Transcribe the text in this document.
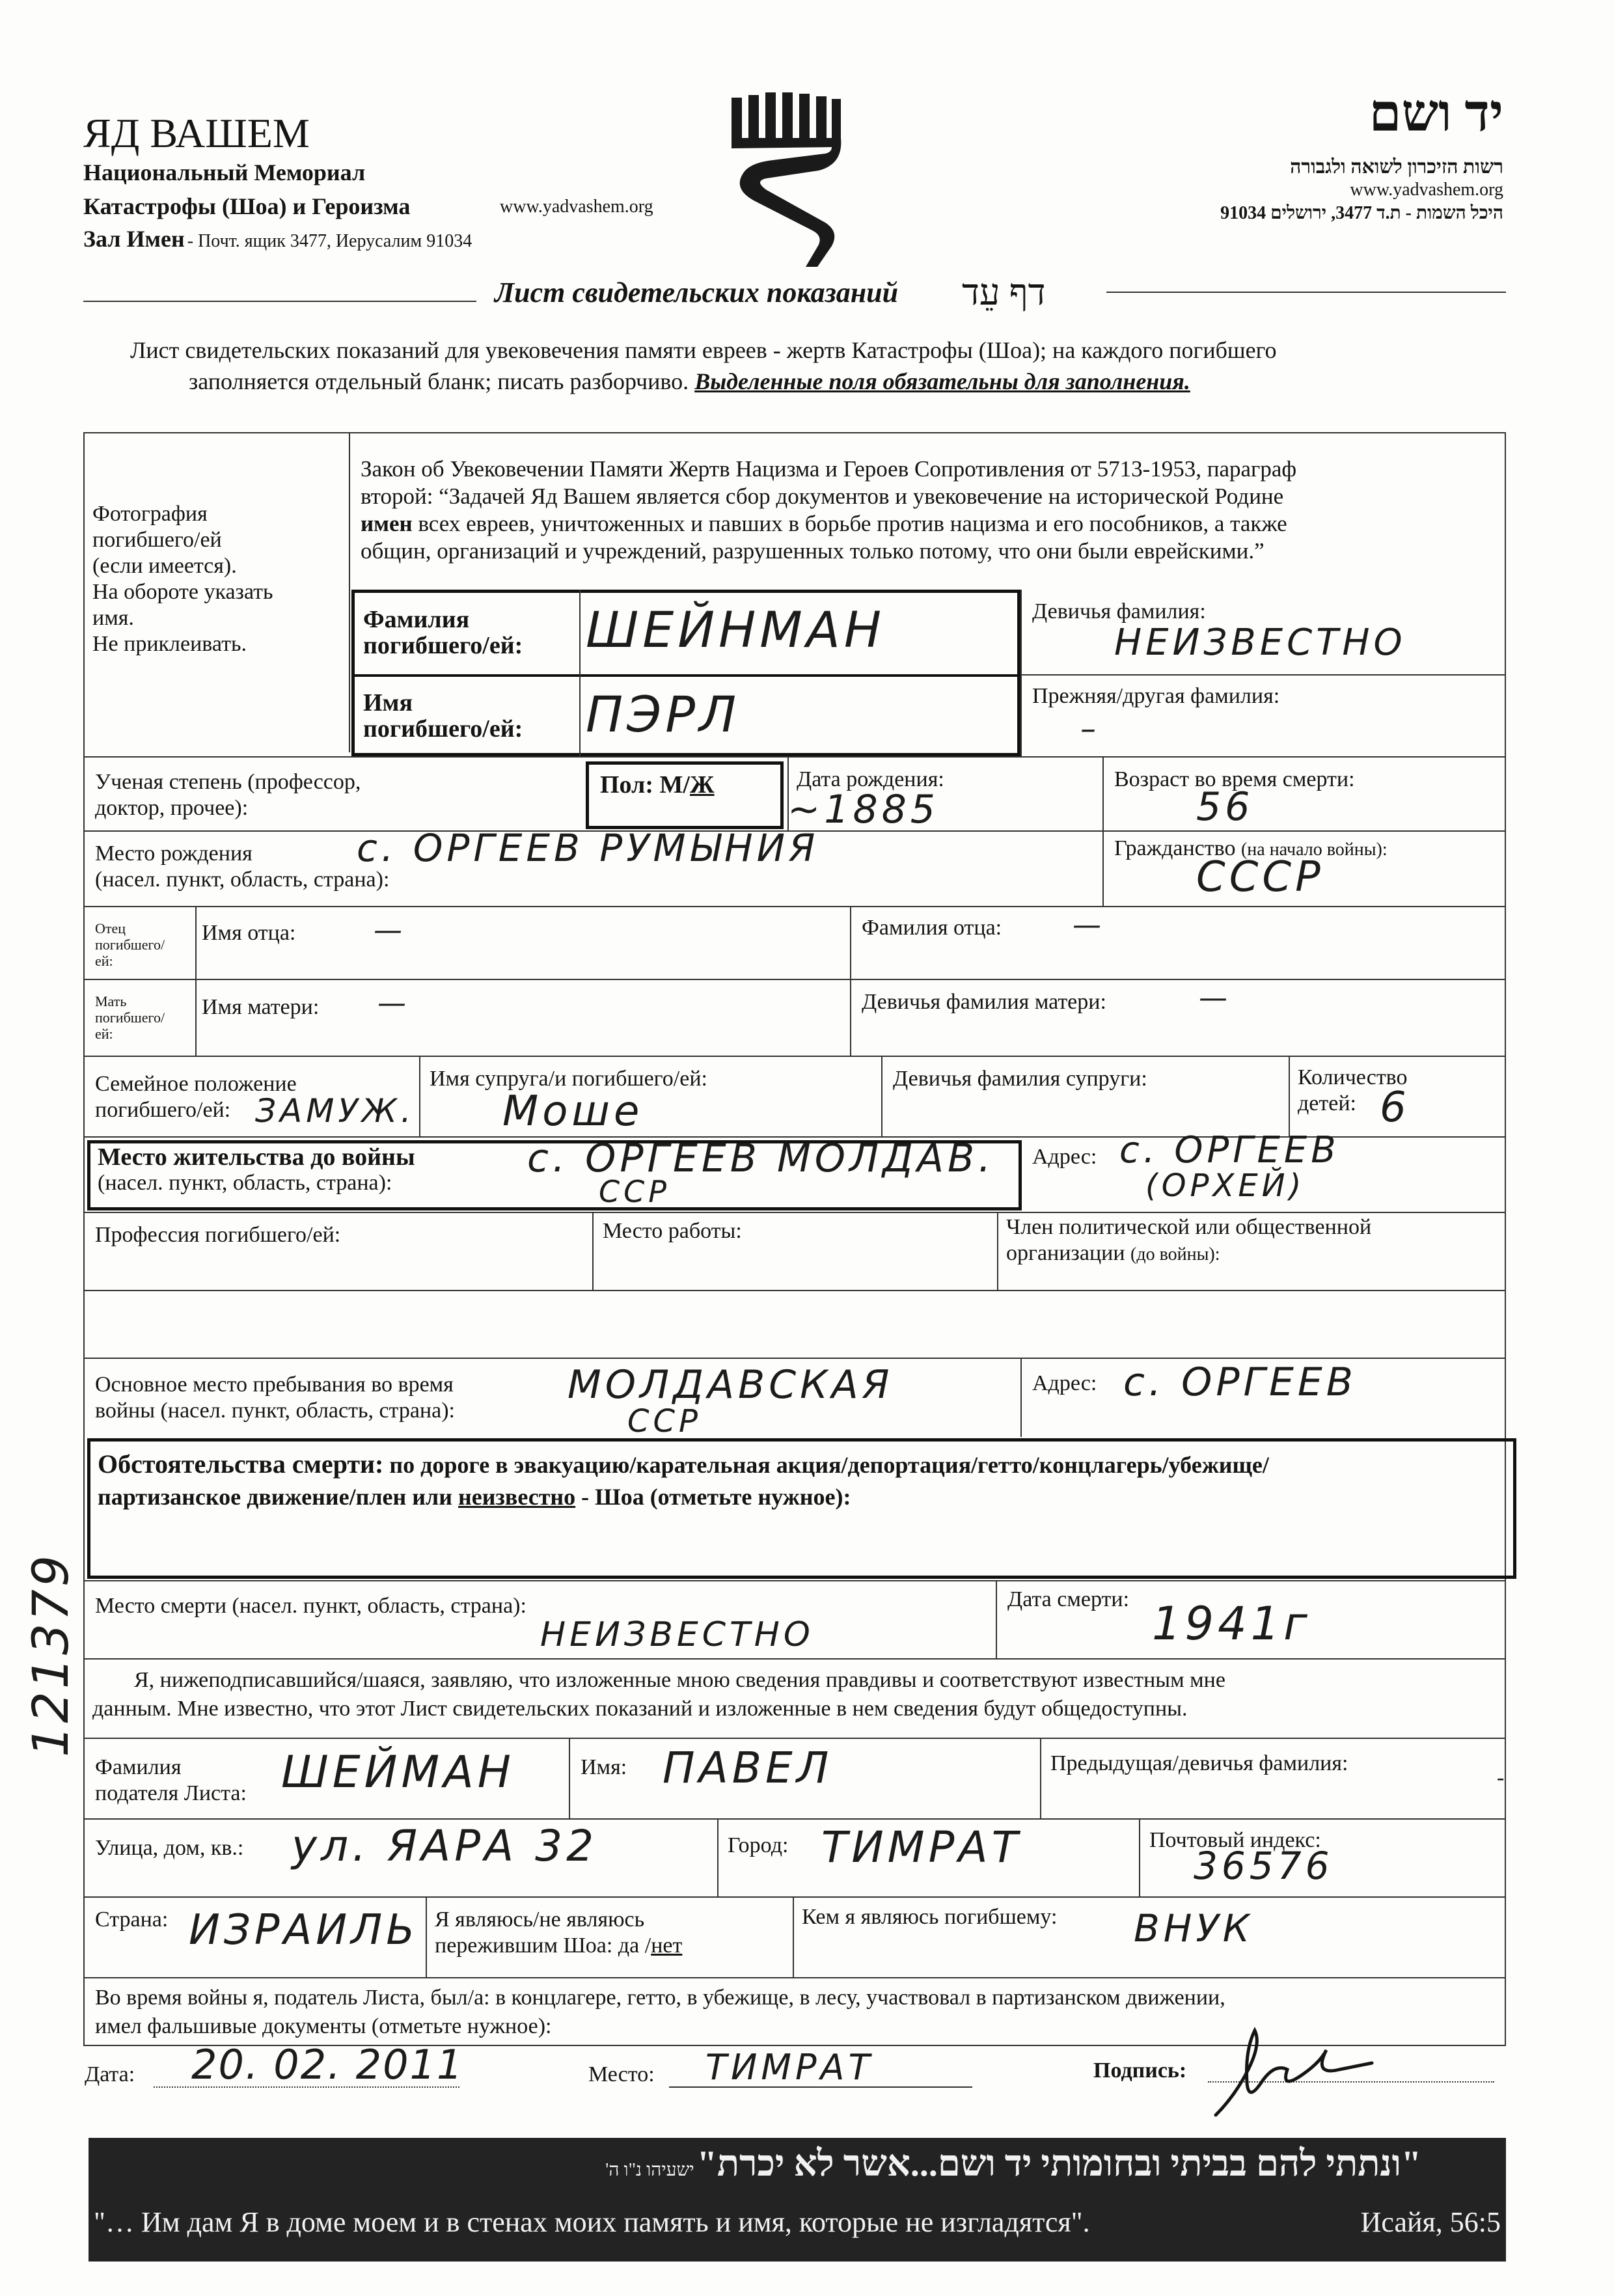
ЯД ВАШЕМ
Национальный Мемориал
Катастрофы (Шоа) и Героизма	www.yadvashem.org
Зал Имен - Почт. ящик 3477, Иерусалим 91034
יד ושם
רשות הזיכרון לשואה ולגבורה
www.yadvashem.org
היכל השמות - ת.ד 3477, ירושלים 91034
Лист свидетельских показаний דף עֵד
Лист свидетельских показаний для увековечения памяти евреев - жертв Катастрофы (Шоа); на каждого погибшего
заполняется отдельный бланк; писать разборчиво. Выделенные поля обязательны для заполнения.
Фотография
погибшего/ей
(если имеется).
На обороте указать
имя.
Не приклеивать.
Закон об Увековечении Памяти Жертв Нацизма и Героев Сопротивления от 5713-1953, параграф
второй: “Задачей Яд Вашем является сбор документов и увековечение на исторической Родине
имен всех евреев, уничтоженных и павших в борьбе против нацизма и его пособников, а также
общин, организаций и учреждений, разрушенных только потому, что они были еврейскими.”
Фамилия
погибшего/ей: ШЕЙНМАН
Имя
погибшего/ей: ПЭРЛ
Девичья фамилия:
НЕИЗВЕСТНО
Прежняя/другая фамилия:
–
Ученая степень (профессор,
доктор, прочее):
Пол: М/Ж	Дата рождения:
~1885
Возраст во время смерти:
56
Место рождения
(насел. пункт, область, страна):
с. ОРГЕЕВ РУМЫНИЯ	Гражданство (на начало войны):
СССР
Отец
погибшего/
ей:
Имя отца:	—	Фамилия отца: —
Мать
погибшего/
ей:
Имя матери: —	Девичья фамилия матери:	—
Семейное положение
погибшего/ей: ЗАМУЖ.
Имя супруга/и погибшего/ей:
Моше
Девичья фамилия супруги:	Количество
детей: 6
Место жительства до войны
(насел. пункт, область, страна):
с. ОРГЕЕВ МОЛДАВ.
ССР
Адрес: с. ОРГЕЕВ
(ОРХЕЙ)
Профессия погибшего/ей:	Место работы:	Член политической или общественной
организации (до войны):
Основное место пребывания во время
войны (насел. пункт, область, страна):
МОЛДАВСКАЯ
ССР
Адрес: с. ОРГЕЕВ
Обстоятельства смерти: по дороге в эвакуацию/карательная акция/депортация/гетто/концлагерь/убежище/
партизанское движение/плен или неизвестно - Шоа (отметьте нужное):
Место смерти (насел. пункт, область, страна):
НЕИЗВЕСТНО
Дата смерти: 1941г
Я, нижеподписавшийся/шаяся, заявляю, что изложенные мною сведения правдивы и соответствуют известным мне
данным. Мне известно, что этот Лист свидетельских показаний и изложенные в нем сведения будут общедоступны.
Фамилия
подателя Листа: ШЕЙМАН	Имя: ПАВЕЛ	Предыдущая/девичья фамилия:
-
Улица, дом, кв.: ул. ЯАРА 32	Город: ТИМРАТ	Почтовый индекс:
36576
Страна: ИЗРАИЛЬ Я являюсь/не являюсь
пережившим Шоа: да /нет
Кем я являюсь погибшему: ВНУК
Во время войны я, податель Листа, был/а: в концлагере, гетто, в убежище, в лесу, участвовал в партизанском движении,
имел фальшивые документы (отметьте нужное):
Дата: 20. 02. 2011	Место: ТИМРАТ	Подпись:
121379
"ונתתי להם בביתי ובחומותי יד ושם...אשר לא יכרת" ישעיהו נ"ו ה'
"… Им дам Я в доме моем и в стенах моих память и имя, которые не изгладятся".	Исайя, 56:5
